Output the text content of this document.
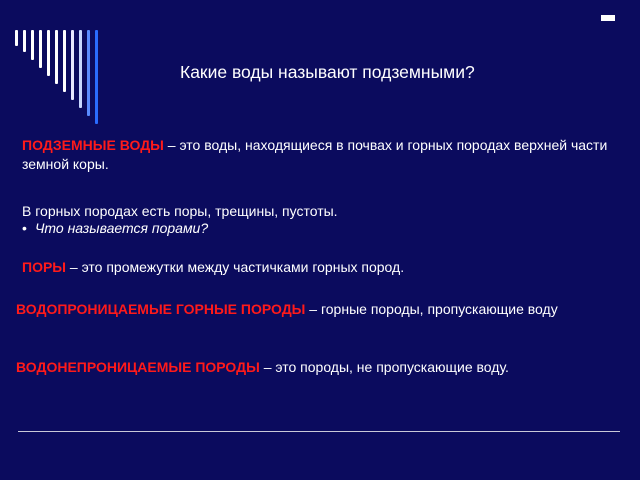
Какие воды называют подземными?
ПОДЗЕМНЫЕ ВОДЫ – это воды, находящиеся в почвах и горных породах верхней части земной коры.
В горных породах есть поры, трещины, пустоты.
• Что называется порами?
ПОРЫ – это промежутки между частичками горных пород.
ВОДОПРОНИЦАЕМЫЕ ГОРНЫЕ ПОРОДЫ – горные породы, пропускающие воду
ВОДОНЕПРОНИЦАЕМЫЕ ПОРОДЫ – это породы, не пропускающие воду.
